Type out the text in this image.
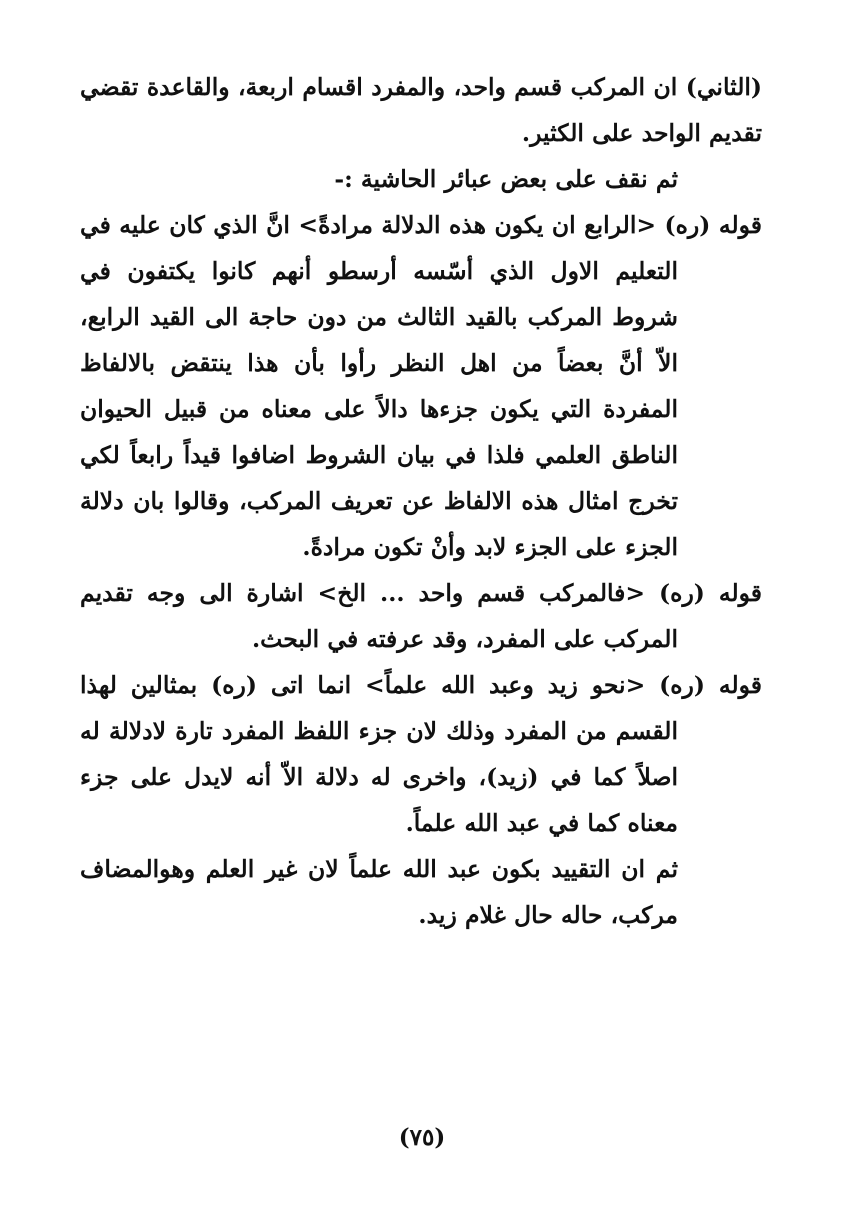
(الثاني) ان المركب قسم واحد، والمفرد اقسام اربعة، والقاعدة تقضي تقديم الواحد على الكثير.

ثم نقف على بعض عبائر الحاشية :-

قوله (ره) <الرابع ان يكون هذه الدلالة مرادةً> انَّ الذي كان عليه في التعليم الاول الذي أسّسه أرسطو أنهم كانوا يكتفون في شروط المركب بالقيد الثالث من دون حاجة الى القيد الرابع، الاّ أنَّ بعضاً من اهل النظر رأوا بأن هذا ينتقض بالالفاظ المفردة التي يكون جزءها دالاً على معناه من قبيل الحيوان الناطق العلمي فلذا في بيان الشروط اضافوا قيداً رابعاً لكي تخرج امثال هذه الالفاظ عن تعريف المركب، وقالوا بان دلالة الجزء على الجزء لابد وأنْ تكون مرادةً.

قوله (ره) <فالمركب قسم واحد ... الخ> اشارة الى وجه تقديم المركب على المفرد، وقد عرفته في البحث.

قوله (ره) <نحو زيد وعبد الله علماً> انما اتى (ره) بمثالين لهذا القسم من المفرد وذلك لان جزء اللفظ المفرد تارة لادلالة له اصلاً كما في (زيد)، واخرى له دلالة الاّ أنه لايدل على جزء معناه كما في عبد الله علماً.

ثم ان التقييد بكون عبد الله علماً لان غير العلم وهوالمضاف مركب، حاله حال غلام زيد.

(٧٥)
